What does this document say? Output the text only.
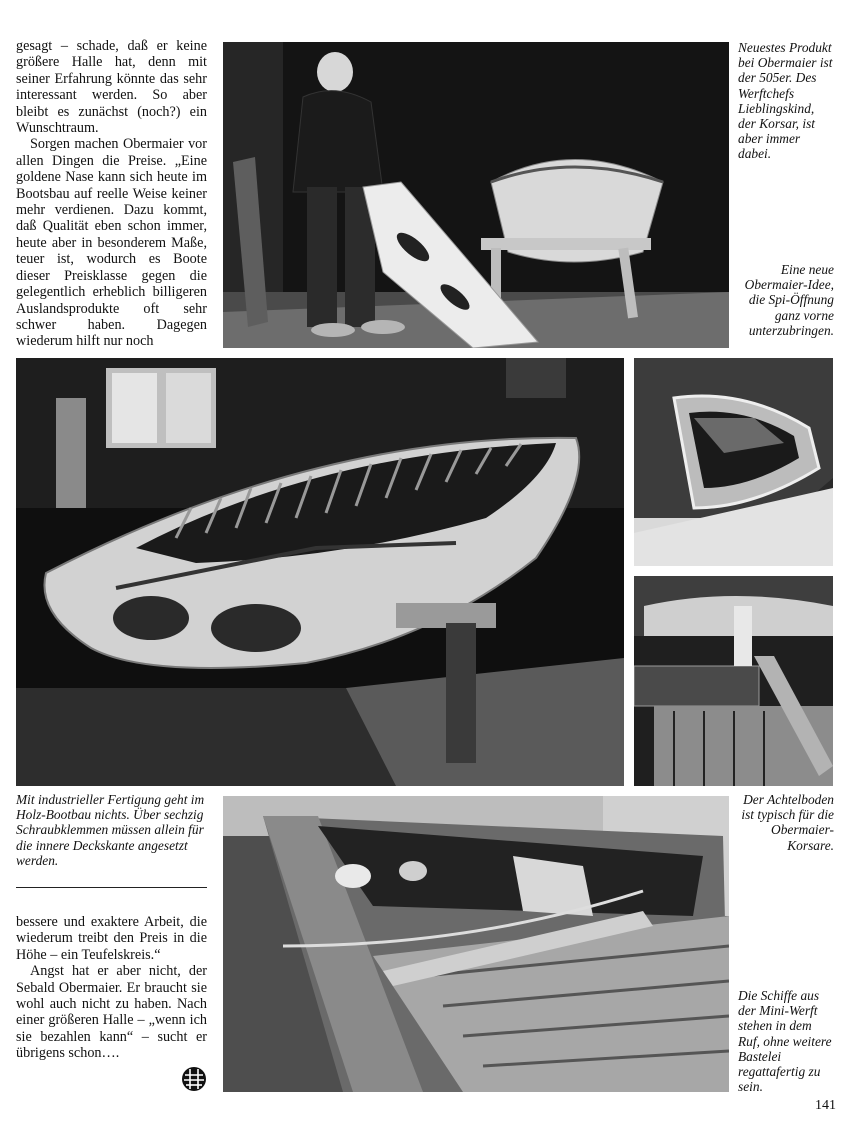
gesagt – schade, daß er keine größere Halle hat, denn mit seiner Erfahrung könnte das sehr interessant werden. So aber bleibt es zunächst (noch?) ein Wunschtraum.

Sorgen machen Obermaier vor allen Dingen die Preise. „Eine goldene Nase kann sich heute im Bootsbau auf reelle Weise keiner mehr verdienen. Dazu kommt, daß Qualität eben schon immer, heute aber in besonderem Maße, teuer ist, wodurch es Boote dieser Preisklasse gegen die gelegentlich erheblich billigeren Auslandsprodukte oft sehr schwer haben. Dagegen wiederum hilft nur noch

Neuestes Produkt bei Obermaier ist der 505er. Des Werftchefs Lieblingskind, der Korsar, ist aber immer dabei.
Eine neue Obermaier-Idee, die Spi-Öffnung ganz vorne unterzubringen.
Mit industrieller Fertigung geht im Holz-Bootbau nichts. Über sechzig Schraubklemmen müssen allein für die innere Deckskante angesetzt werden.
Der Achtelboden ist typisch für die Obermaier-Korsare.

bessere und exaktere Arbeit, die wiederum treibt den Preis in die Höhe – ein Teufelskreis.“

Angst hat er aber nicht, der Sebald Obermaier. Er braucht sie wohl auch nicht zu haben. Nach einer größeren Halle – „wenn ich sie bezahlen kann“ – sucht er übrigens schon….

Die Schiffe aus der Mini-Werft stehen in dem Ruf, ohne weitere Bastelei regattafertig zu sein.
141
